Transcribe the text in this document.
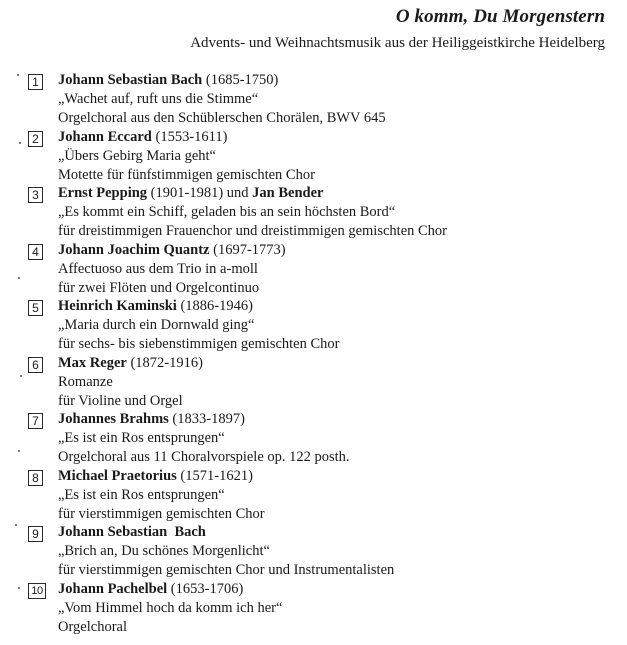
O komm, Du Morgenstern
Advents- und Weihnachtsmusik aus der Heiliggeistkirche Heidelberg
1 Johann Sebastian Bach (1685-1750)
„Wachet auf, ruft uns die Stimme“
Orgelchoral aus den Schüblerschen Chorälen, BWV 645
2 Johann Eccard (1553-1611)
„Übers Gebirg Maria geht“
Motette für fünfstimmigen gemischten Chor
3 Ernst Pepping (1901-1981) und Jan Bender
„Es kommt ein Schiff, geladen bis an sein höchsten Bord“
für dreistimmigen Frauenchor und dreistimmigen gemischten Chor
4 Johann Joachim Quantz (1697-1773)
Affectuoso aus dem Trio in a-moll
für zwei Flöten und Orgelcontinuo
5 Heinrich Kaminski (1886-1946)
„Maria durch ein Dornwald ging“
für sechs- bis siebenstimmigen gemischten Chor
6 Max Reger (1872-1916)
Romanze
für Violine und Orgel
7 Johannes Brahms (1833-1897)
„Es ist ein Ros entsprungen“
Orgelchoral aus 11 Choralvorspiele op. 122 posth.
8 Michael Praetorius (1571-1621)
„Es ist ein Ros entsprungen“
für vierstimmigen gemischten Chor
9 Johann Sebastian  Bach
„Brich an, Du schönes Morgenlicht“
für vierstimmigen gemischten Chor und Instrumentalisten
10 Johann Pachelbel (1653-1706)
„Vom Himmel hoch da komm ich her“
Orgelchoral
